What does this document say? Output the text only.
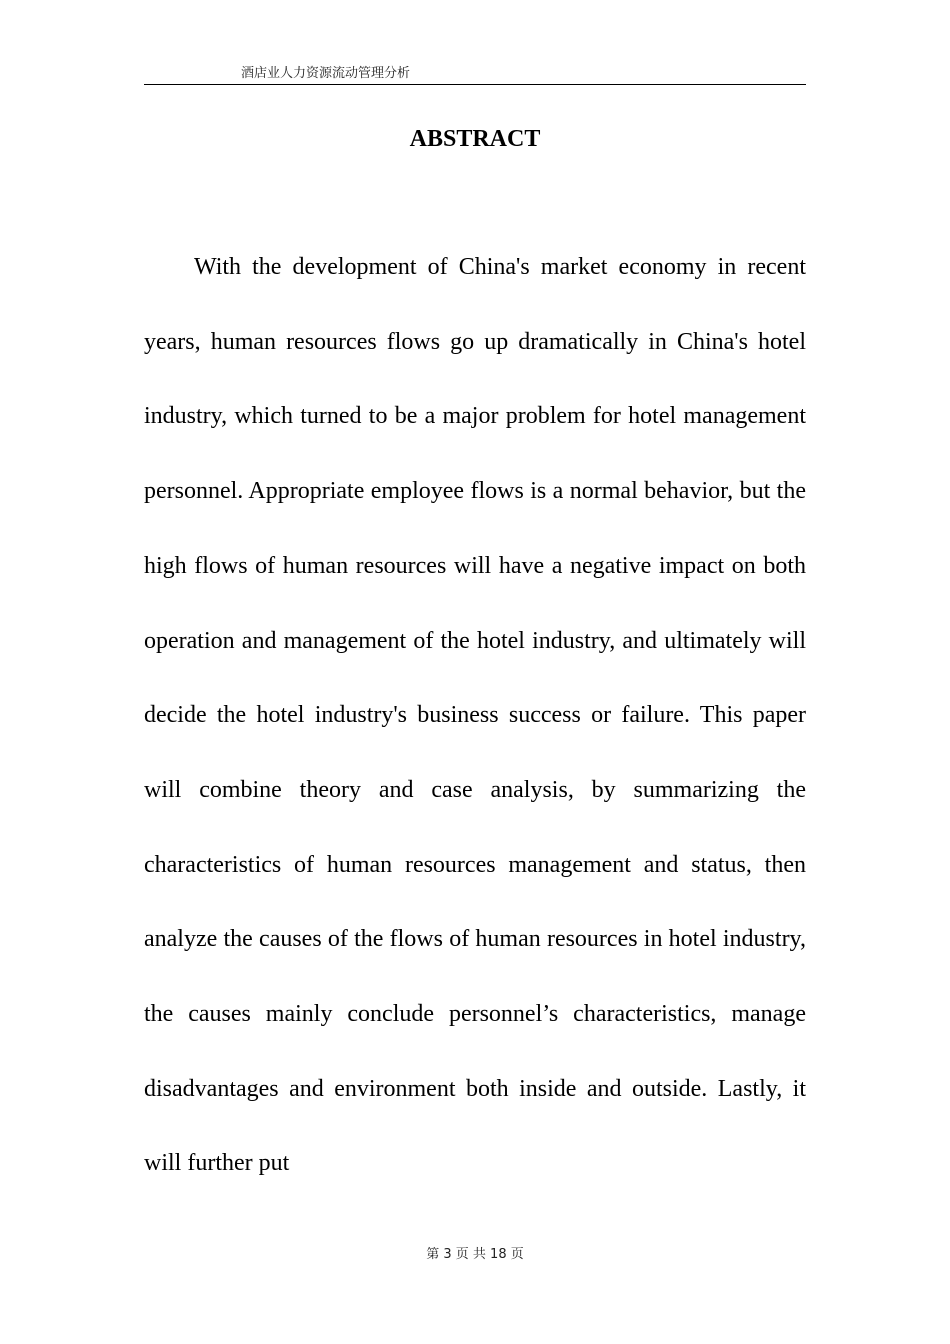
酒店业人力资源流动管理分析
ABSTRACT

With the development of China's market economy in recent years, human resources flows go up dramatically in China's hotel industry, which turned to be a major problem for hotel management personnel. Appropriate employee flows is a normal behavior, but the high flows of human resources will have a negative impact on both operation and management of the hotel industry, and ultimately will decide the hotel industry's business success or failure. This paper will combine theory and case analysis, by summarizing the characteristics of human resources management and status, then analyze the causes of the flows of human resources in hotel industry, the causes mainly conclude personnel’s characteristics, manage disadvantages and environment both inside and outside. Lastly, it will further put

第 3 页 共 18 页
